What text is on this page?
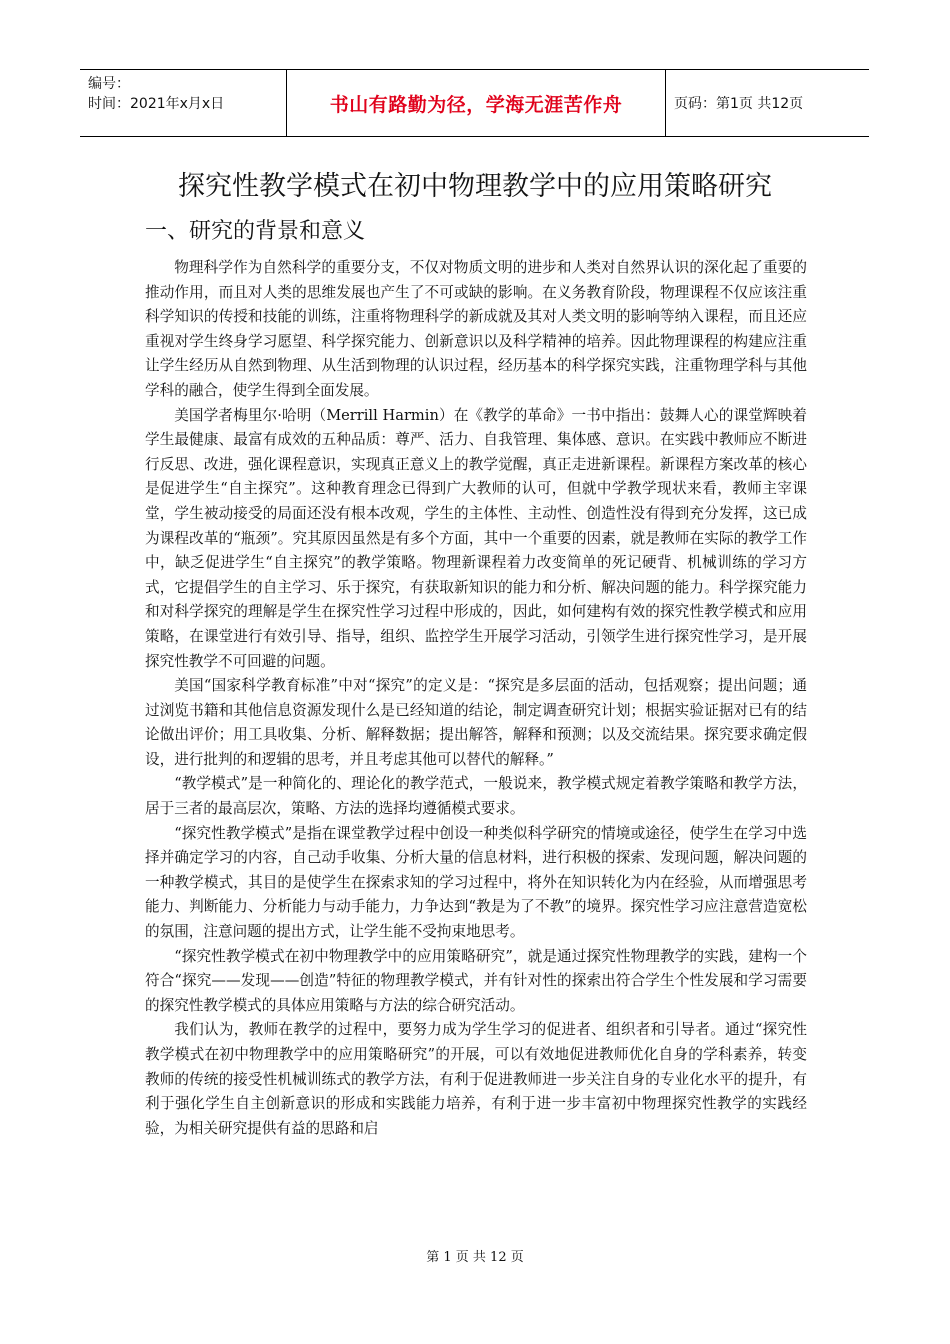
编号：
时间：2021年x月x日	书山有路勤为径，学海无涯苦作舟	页码：第1页 共12页
探究性教学模式在初中物理教学中的应用策略研究
一、研究的背景和意义

物理科学作为自然科学的重要分支，不仅对物质文明的进步和人类对自然界认识的深化起了重要的推动作用，而且对人类的思维发展也产生了不可或缺的影响。在义务教育阶段，物理课程不仅应该注重科学知识的传授和技能的训练，注重将物理科学的新成就及其对人类文明的影响等纳入课程，而且还应重视对学生终身学习愿望、科学探究能力、创新意识以及科学精神的培养。因此物理课程的构建应注重让学生经历从自然到物理、从生活到物理的认识过程，经历基本的科学探究实践，注重物理学科与其他学科的融合，使学生得到全面发展。

美国学者梅里尔·哈明（Merrill Harmin）在《教学的革命》一书中指出：鼓舞人心的课堂辉映着学生最健康、最富有成效的五种品质：尊严、活力、自我管理、集体感、意识。在实践中教师应不断进行反思、改进，强化课程意识，实现真正意义上的教学觉醒，真正走进新课程。新课程方案改革的核心是促进学生“自主探究”。这种教育理念已得到广大教师的认可，但就中学教学现状来看，教师主宰课堂，学生被动接受的局面还没有根本改观，学生的主体性、主动性、创造性没有得到充分发挥，这已成为课程改革的“瓶颈”。究其原因虽然是有多个方面，其中一个重要的因素，就是教师在实际的教学工作中，缺乏促进学生“自主探究”的教学策略。物理新课程着力改变简单的死记硬背、机械训练的学习方式，它提倡学生的自主学习、乐于探究，有获取新知识的能力和分析、解决问题的能力。科学探究能力和对科学探究的理解是学生在探究性学习过程中形成的，因此，如何建构有效的探究性教学模式和应用策略，在课堂进行有效引导、指导，组织、监控学生开展学习活动，引领学生进行探究性学习，是开展探究性教学不可回避的问题。

美国“国家科学教育标准”中对“探究”的定义是：“探究是多层面的活动，包括观察；提出问题；通过浏览书籍和其他信息资源发现什么是已经知道的结论，制定调查研究计划；根据实验证据对已有的结论做出评价；用工具收集、分析、解释数据；提出解答，解释和预测；以及交流结果。探究要求确定假设，进行批判的和逻辑的思考，并且考虑其他可以替代的解释。”

“教学模式”是一种简化的、理论化的教学范式，一般说来，教学模式规定着教学策略和教学方法，居于三者的最高层次，策略、方法的选择均遵循模式要求。

“探究性教学模式”是指在课堂教学过程中创设一种类似科学研究的情境或途径，使学生在学习中选择并确定学习的内容，自己动手收集、分析大量的信息材料，进行积极的探索、发现问题，解决问题的一种教学模式，其目的是使学生在探索求知的学习过程中，将外在知识转化为内在经验，从而增强思考能力、判断能力、分析能力与动手能力，力争达到“教是为了不教”的境界。探究性学习应注意营造宽松的氛围，注意问题的提出方式，让学生能不受拘束地思考。

“探究性教学模式在初中物理教学中的应用策略研究”，就是通过探究性物理教学的实践，建构一个符合“探究——发现——创造”特征的物理教学模式，并有针对性的探索出符合学生个性发展和学习需要的探究性教学模式的具体应用策略与方法的综合研究活动。

我们认为，教师在教学的过程中，要努力成为学生学习的促进者、组织者和引导者。通过“探究性教学模式在初中物理教学中的应用策略研究”的开展，可以有效地促进教师优化自身的学科素养，转变教师的传统的接受性机械训练式的教学方法，有利于促进教师进一步关注自身的专业化水平的提升，有利于强化学生自主创新意识的形成和实践能力培养，有利于进一步丰富初中物理探究性教学的实践经验，为相关研究提供有益的思路和启

第 1 页 共 12 页
